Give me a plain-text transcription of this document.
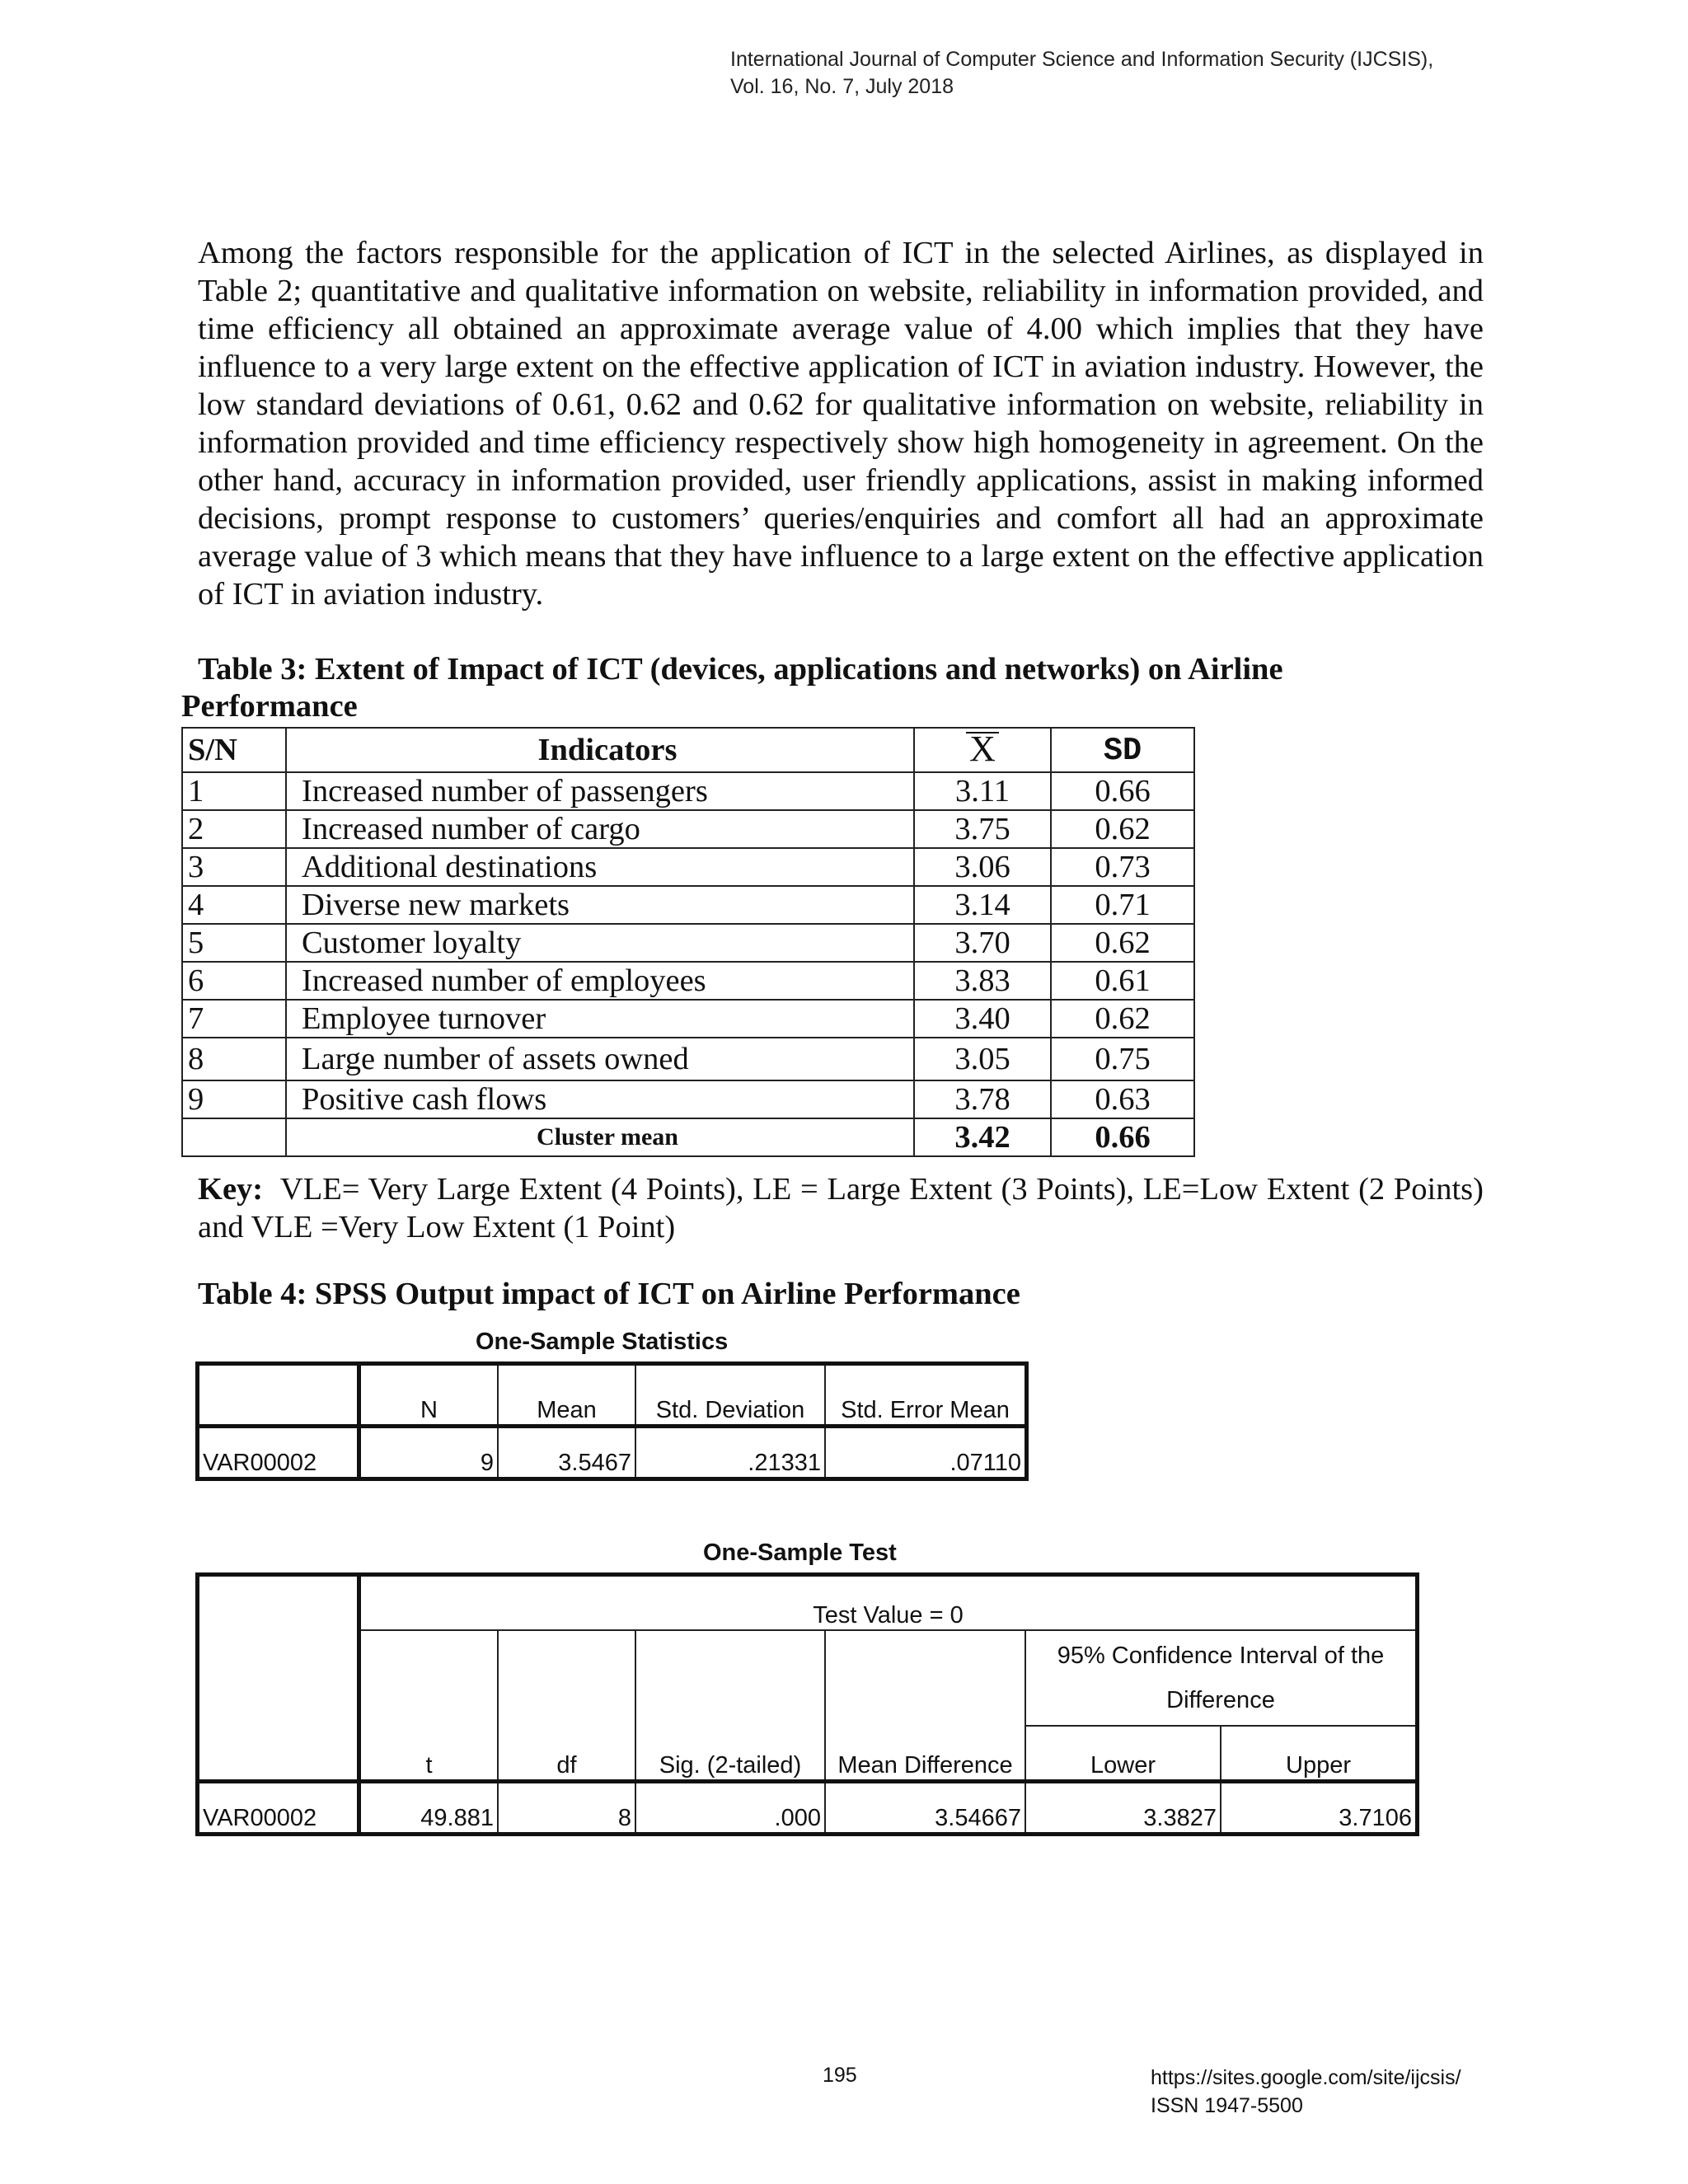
International Journal of Computer Science and Information Security (IJCSIS),
Vol. 16, No. 7, July 2018
Among the factors responsible for the application of ICT in the selected Airlines, as displayed in Table 2; quantitative and qualitative information on website, reliability in information provided, and time efficiency all obtained an approximate average value of 4.00 which implies that they have influence to a very large extent on the effective application of ICT in aviation industry. However, the low standard deviations of 0.61, 0.62 and 0.62 for qualitative information on website, reliability in information provided and time efficiency respectively show high homogeneity in agreement. On the other hand, accuracy in information provided, user friendly applications, assist in making informed decisions, prompt response to customers’ queries/enquiries and comfort all had an approximate average value of 3 which means that they have influence to a large extent on the effective application of ICT in aviation industry.
Table 3: Extent of Impact of ICT (devices, applications and networks) on Airline
Performance
S/N	Indicators	X	SD
1	Increased number of passengers	3.11	0.66
2	Increased number of cargo	3.75	0.62
3	Additional destinations	3.06	0.73
4	Diverse new markets	3.14	0.71
5	Customer loyalty	3.70	0.62
6	Increased number of employees	3.83	0.61
7	Employee turnover	3.40	0.62
8	Large number of assets owned	3.05	0.75
9	Positive cash flows	3.78	0.63
	Cluster mean	3.42	0.66
Key: VLE= Very Large Extent (4 Points), LE = Large Extent (3 Points), LE=Low Extent (2 Points) and VLE =Very Low Extent (1 Point)
Table 4: SPSS Output impact of ICT on Airline Performance
One-Sample Statistics
	N	Mean	Std. Deviation	Std. Error Mean
VAR00002	9	3.5467	.21331	.07110
One-Sample Test
	Test Value = 0					
	t	df	Sig. (2-tailed)	Mean Difference	95% Confidence Interval of the Difference	
					Lower	Upper
VAR00002	49.881	8	.000	3.54667	3.3827	3.7106
195	https://sites.google.com/site/ijcsis/
ISSN 1947-5500
